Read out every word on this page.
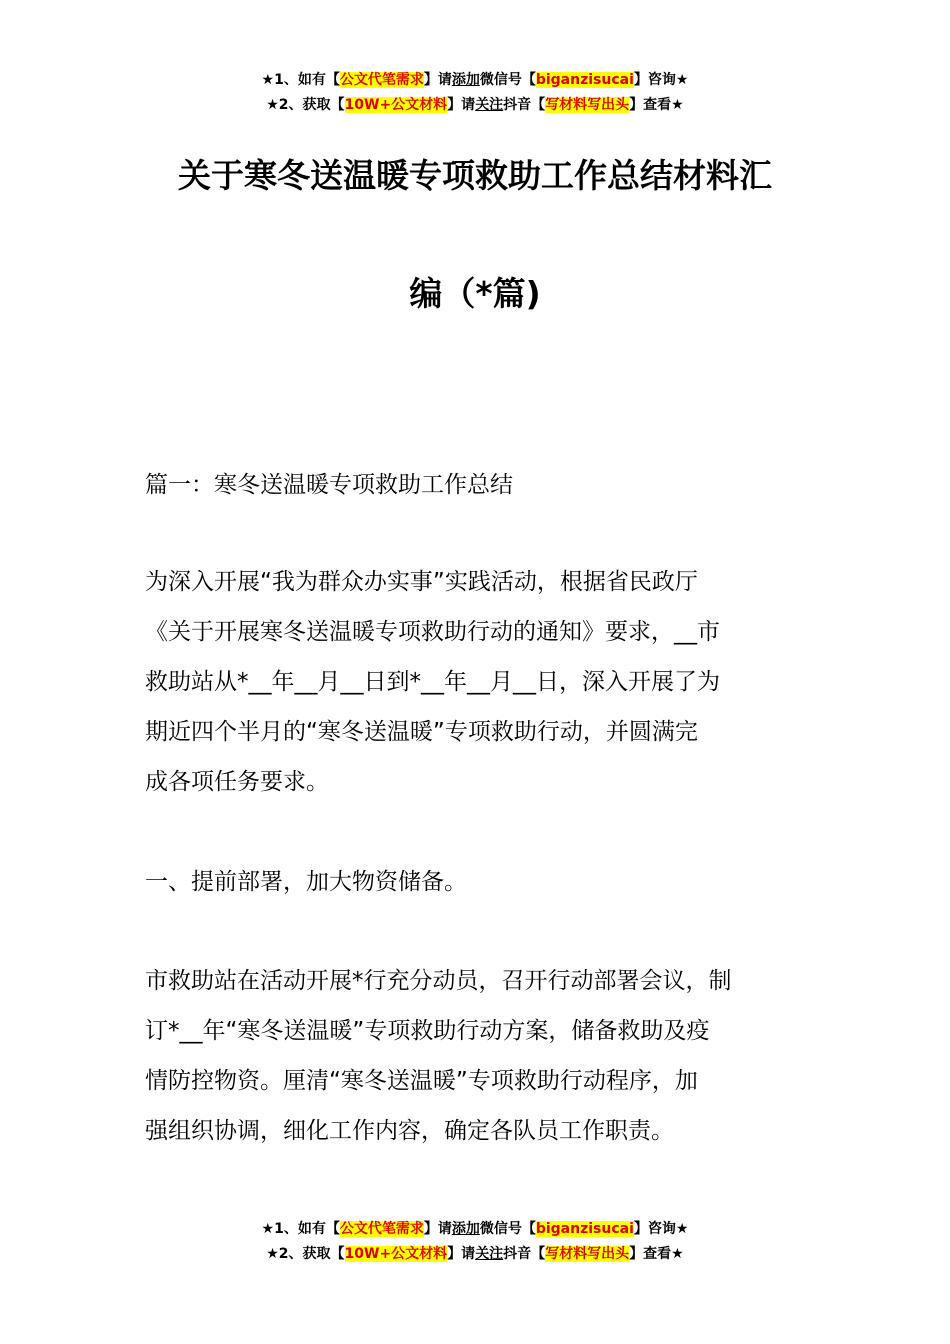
★1、如有【公文代笔需求】请添加微信号【biganzisucai】咨询★
★2、获取【10W+公文材料】请关注抖音【写材料写出头】查看★
关于寒冬送温暖专项救助工作总结材料汇
编（*篇)
篇一：寒冬送温暖专项救助工作总结
为深入开展“我为群众办实事”实践活动，根据省民政厅
《关于开展寒冬送温暖专项救助行动的通知》要求，__市
救助站从*__年__月__日到*__年__月__日，深入开展了为
期近四个半月的“寒冬送温暖”专项救助行动，并圆满完
成各项任务要求。
一、提前部署，加大物资储备。
市救助站在活动开展*行充分动员，召开行动部署会议，制
订*__年“寒冬送温暖”专项救助行动方案，储备救助及疫
情防控物资。厘清“寒冬送温暖”专项救助行动程序，加
强组织协调，细化工作内容，确定各队员工作职责。
★1、如有【公文代笔需求】请添加微信号【biganzisucai】咨询★
★2、获取【10W+公文材料】请关注抖音【写材料写出头】查看★
